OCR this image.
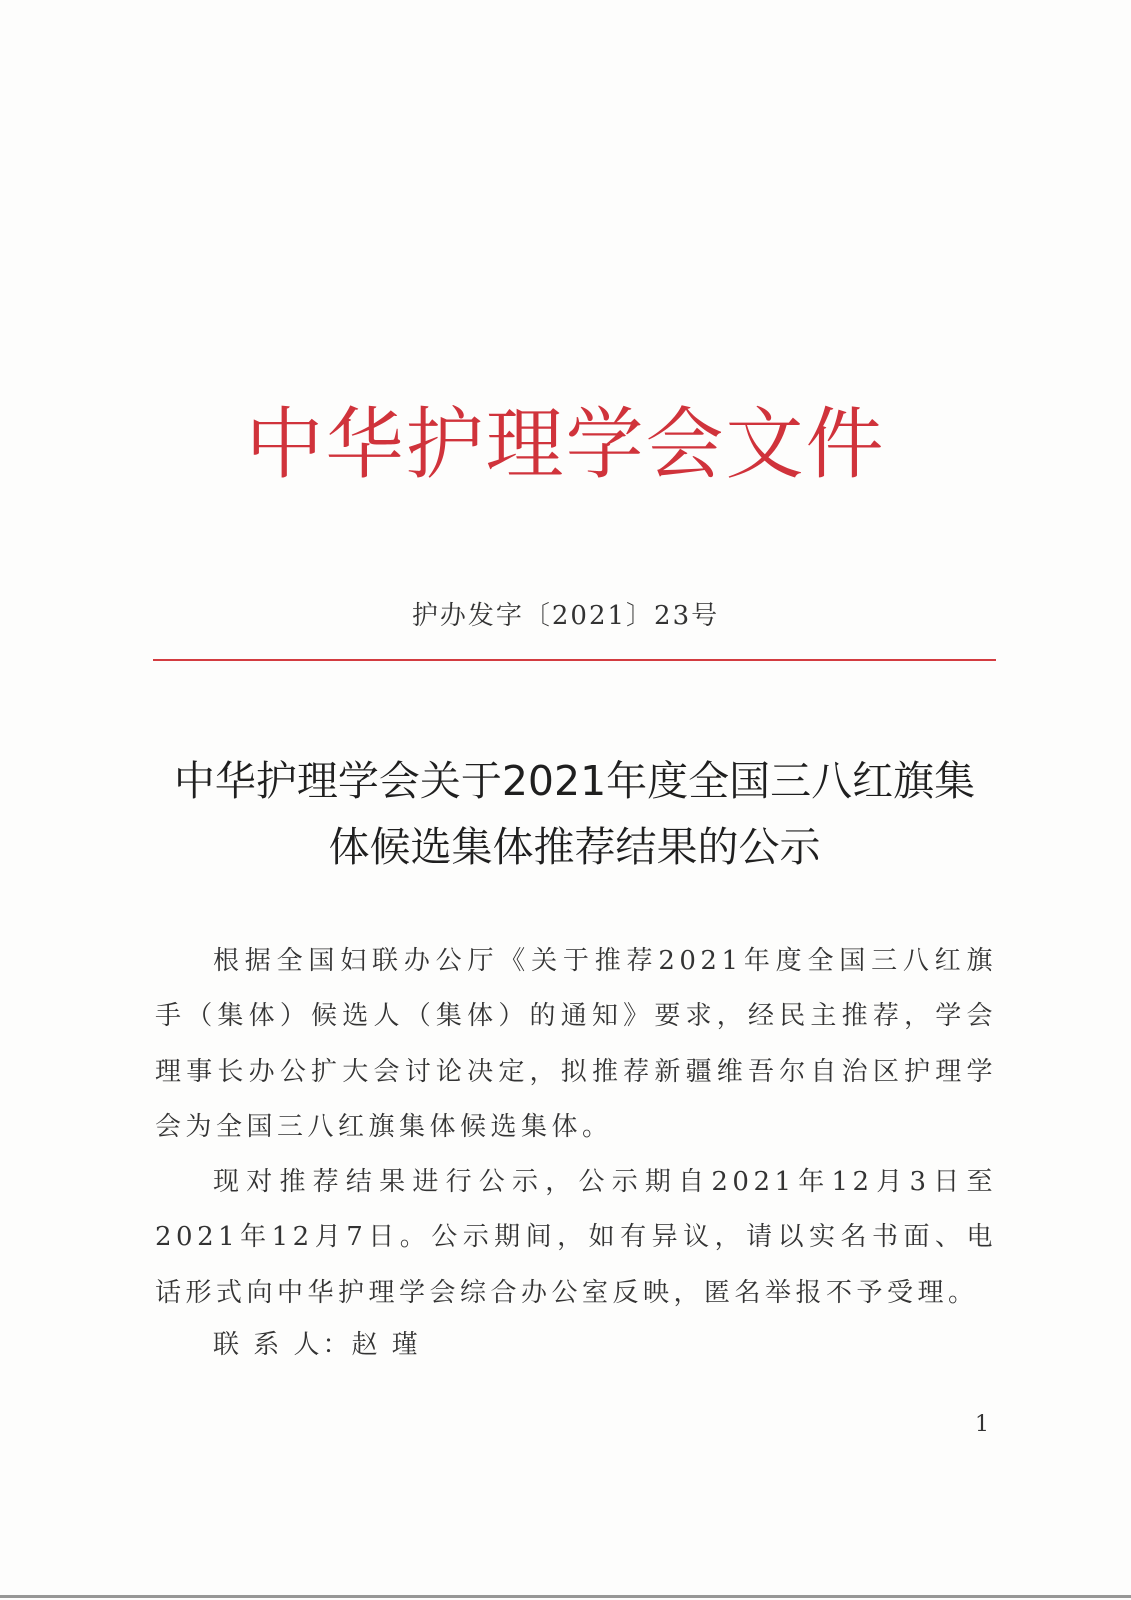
中华护理学会文件
护办发字〔2021〕23号
中华护理学会关于2021年度全国三八红旗集
体候选集体推荐结果的公示

根据全国妇联办公厅《关于推荐2021年度全国三八红旗手（集体）候选人（集体）的通知》要求，经民主推荐，学会理事长办公扩大会讨论决定，拟推荐新疆维吾尔自治区护理学会为全国三八红旗集体候选集体。

现对推荐结果进行公示，公示期自2021年12月3日至2021年12月7日。公示期间，如有异议，请以实名书面、电话形式向中华护理学会综合办公室反映，匿名举报不予受理。

联 系 人：赵 瑾
1
